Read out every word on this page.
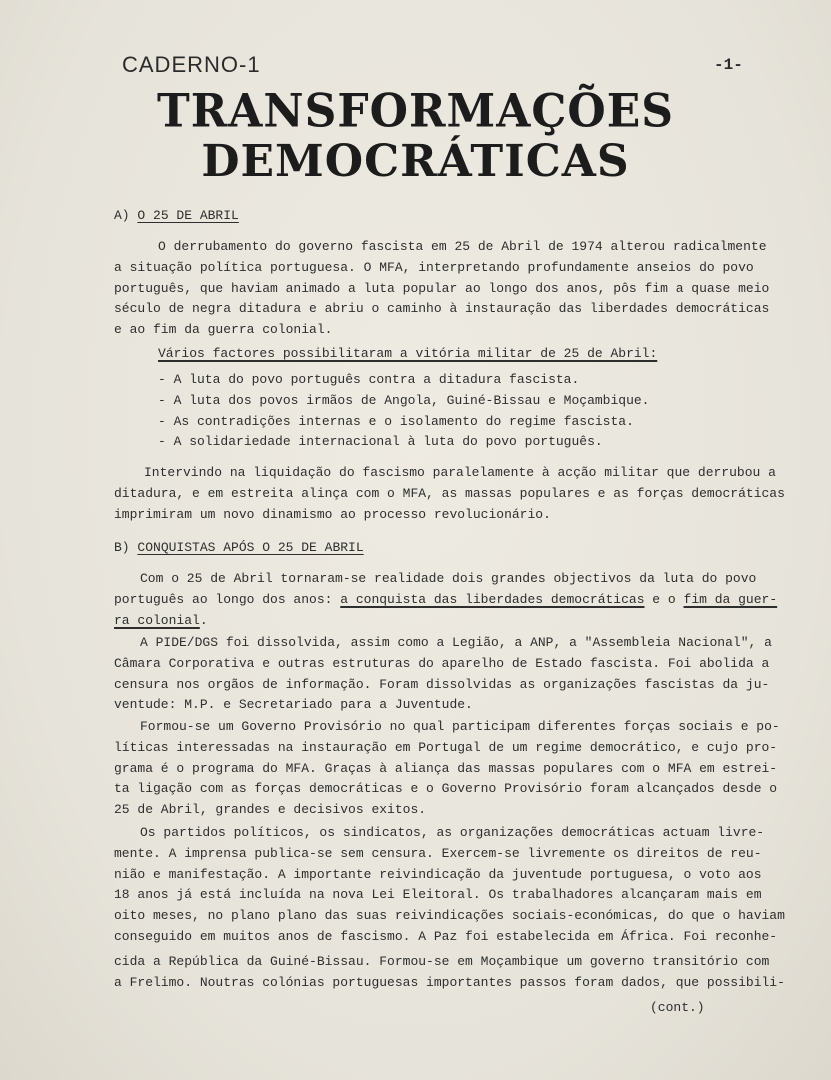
CADERNO-1	-1-
TRANSFORMAÇÕES
DEMOCRÁTICAS
A) O 25 DE ABRIL
O derrubamento do governo fascista em 25 de Abril de 1974 alterou radicalmente
a situação política portuguesa. O MFA, interpretando profundamente anseios do povo
português, que haviam animado a luta popular ao longo dos anos, pôs fim a quase meio
século de negra ditadura e abriu o caminho à instauração das liberdades democráticas
e ao fim da guerra colonial.
Vários factores possibilitaram a vitória militar de 25 de Abril:
- A luta do povo português contra a ditadura fascista.
- A luta dos povos irmãos de Angola, Guiné-Bissau e Moçambique.
- As contradições internas e o isolamento do regime fascista.
- A solidariedade internacional à luta do povo português.
Intervindo na liquidação do fascismo paralelamente à acção militar que derrubou a
ditadura, e em estreita alinça com o MFA, as massas populares e as forças democráticas
imprimiram um novo dinamismo ao processo revolucionário.
B) CONQUISTAS APÓS O 25 DE ABRIL
Com o 25 de Abril tornaram-se realidade dois grandes objectivos da luta do povo
português ao longo dos anos: a conquista das liberdades democráticas e o fim da guer-
ra colonial.
A PIDE/DGS foi dissolvida, assim como a Legião, a ANP, a "Assembleia Nacional", a
Câmara Corporativa e outras estruturas do aparelho de Estado fascista. Foi abolida a
censura nos orgãos de informação. Foram dissolvidas as organizações fascistas da ju-
ventude: M.P. e Secretariado para a Juventude.
Formou-se um Governo Provisório no qual participam diferentes forças sociais e po-
líticas interessadas na instauração em Portugal de um regime democrático, e cujo pro-
grama é o programa do MFA. Graças à aliança das massas populares com o MFA em estrei-
ta ligação com as forças democráticas e o Governo Provisório foram alcançados desde o
25 de Abril, grandes e decisivos exitos.
Os partidos políticos, os sindicatos, as organizações democráticas actuam livre-
mente. A imprensa publica-se sem censura. Exercem-se livremente os direitos de reu-
nião e manifestação. A importante reivindicação da juventude portuguesa, o voto aos
18 anos já está incluída na nova Lei Eleitoral. Os trabalhadores alcançaram mais em
oito meses, no plano plano das suas reivindicações sociais-económicas, do que o haviam
conseguido em muitos anos de fascismo. A Paz foi estabelecida em África. Foi reconhe-
cida a República da Guiné-Bissau. Formou-se em Moçambique um governo transitório com
a Frelimo. Noutras colónias portuguesas importantes passos foram dados, que possibili-
(cont.)
